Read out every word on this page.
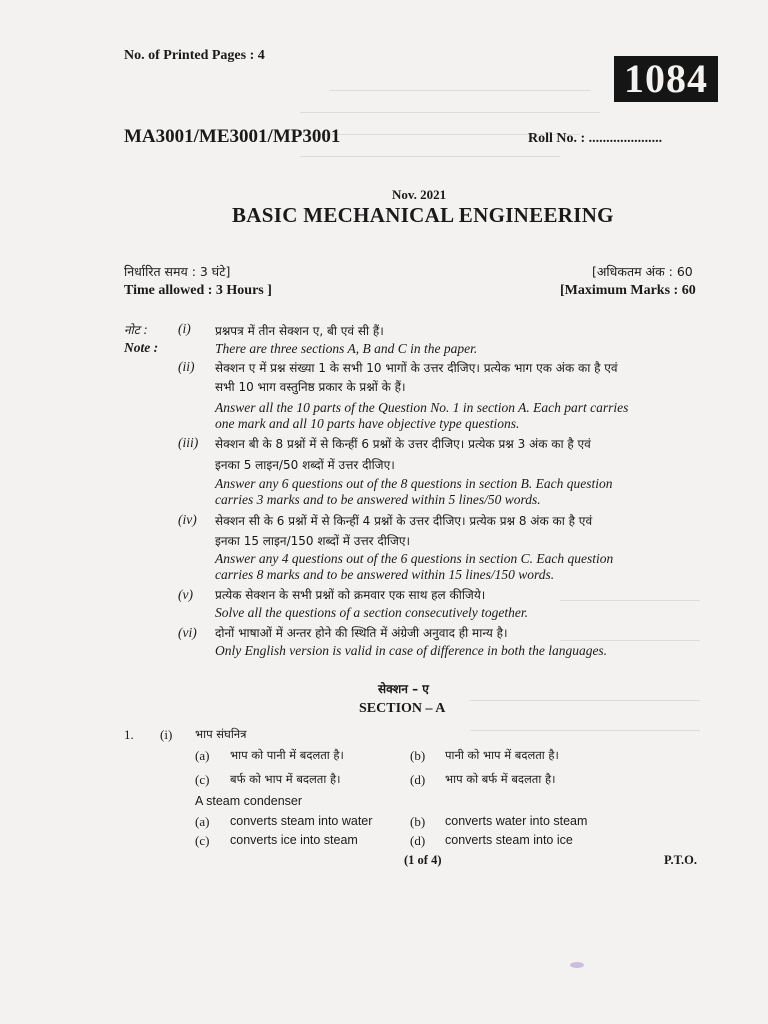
No. of Printed Pages : 4
1084
MA3001/ME3001/MP3001	Roll No. : .....................
Nov. 2021
BASIC MECHANICAL ENGINEERING
निर्धारित समय : 3 घंटे]	[अधिकतम अंक : 60
Time allowed : 3 Hours ]	[Maximum Marks : 60
नोट :
Note :
(i) प्रश्नपत्र में तीन सेक्शन ए, बी एवं सी हैं।
There are three sections A, B and C in the paper.
(ii) सेक्शन ए में प्रश्न संख्या 1 के सभी 10 भागों के उत्तर दीजिए। प्रत्येक भाग एक अंक का है एवं
सभी 10 भाग वस्तुनिष्ठ प्रकार के प्रश्नों के हैं।
Answer all the 10 parts of the Question No. 1 in section A. Each part carries
one mark and all 10 parts have objective type questions.
(iii) सेक्शन बी के 8 प्रश्नों में से किन्हीं 6 प्रश्नों के उत्तर दीजिए। प्रत्येक प्रश्न 3 अंक का है एवं
इनका 5 लाइन/50 शब्दों में उत्तर दीजिए।
Answer any 6 questions out of the 8 questions in section B. Each question
carries 3 marks and to be answered within 5 lines/50 words.
(iv) सेक्शन सी के 6 प्रश्नों में से किन्हीं 4 प्रश्नों के उत्तर दीजिए। प्रत्येक प्रश्न 8 अंक का है एवं
इनका 15 लाइन/150 शब्दों में उत्तर दीजिए।
Answer any 4 questions out of the 6 questions in section C. Each question
carries 8 marks and to be answered within 15 lines/150 words.
(v) प्रत्येक सेक्शन के सभी प्रश्नों को क्रमवार एक साथ हल कीजिये।
Solve all the questions of a section consecutively together.
(vi) दोनों भाषाओं में अन्तर होने की स्थिति में अंग्रेजी अनुवाद ही मान्य है।
Only English version is valid in case of difference in both the languages.
सेक्शन – ए
SECTION – A
1. (i) भाप संघनित्र
(a) भाप को पानी में बदलता है।	(b) पानी को भाप में बदलता है।
(c) बर्फ को भाप में बदलता है।	(d) भाप को बर्फ में बदलता है।
A steam condenser
(a) converts steam into water	(b) converts water into steam
(c) converts ice into steam	(d) converts steam into ice
(1 of 4)	P.T.O.
